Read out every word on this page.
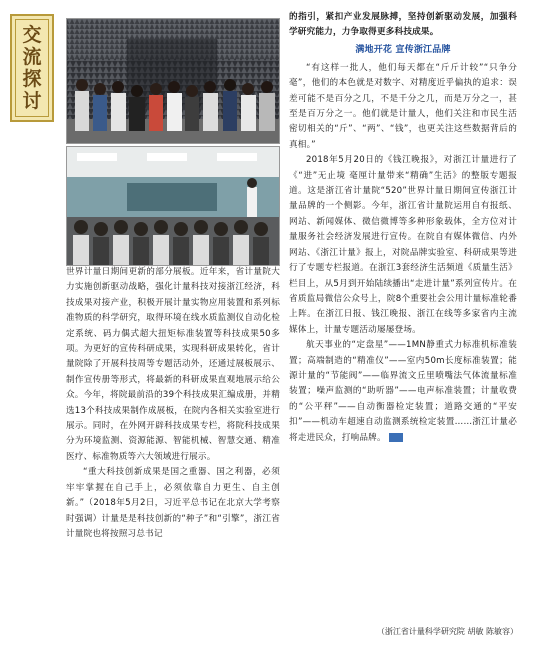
交
流
探
讨

世界计量日期间更新的部分展板。近年来，省计量院大力实施创新驱动战略，强化计量科技对接浙江经济，科技成果对接产业，积极开展计量实物应用装置和系列标准物质的科学研究，取得环境在线水质监测仪自动化检定系统、码力偶式超大扭矩标准装置等科技成果50多项。为更好的宣传科研成果，实现科研成果转化，省计量院除了开展科技周等专题活动外，还通过展板展示、制作宣传册等形式，将最新的科研成果直观地展示给公众。今年，将院最前沿的39个科技成果汇编成册，并精选13个科技成果制作成展板，在院内各相关实验室进行展示。同时，在外网开辟科技成果专栏，将院科技成果分为环境监测、资源能源、智能机械、智慧交通、精准医疗、标准物质等六大领域进行展示。

“重大科技创新成果是国之重器、国之利器，必须牢牢掌握在自己手上，必须依靠自力更生、自主创新。”（2018年5月2日，习近平总书记在北京大学考察时强调）计量是是科技创新的“种子”和“引擎”，浙江省计量院也将按照习总书记

的指引，紧扣产业发展脉搏，坚持创新驱动发展，加强科学研究能力，力争取得更多科技成果。

满地开花 宣传浙江品牌

“有这样一批人，他们每天都在“斤斤计较”“只争分毫”，他们的本色就是对数字、对精度近乎偏执的追求：误差可能不是百分之几，不是千分之几，而是万分之一，甚至是百万分之一。他们就是计量人，他们关注和市民生活密切相关的“斤”、“两”、“钱”，也更关注这些数据背后的真相。”

2018年5月20日的《钱江晚报》，对浙江计量进行了《“进”无止境 毫厘计量带来“精确”生活》的整版专题报道。这是浙江省计量院“520”世界计量日期间宣传浙江计量品牌的一个侧影。今年，浙江省计量院运用自有报纸、网站、新闻媒体、微信微博等多种形象载体，全方位对计量服务社会经济发展进行宣传。在院自有媒体微信、内外网站、《浙江计量》报上，对院品牌实验室、科研成果等进行了专题专栏报道。在浙江3套经济生活频道《质量生活》栏目上，从5月到开始陆续播出“走进计量”系列宣传片。在省质监局微信公众号上，院8个重要社会公用计量标准轮番上阵。在浙江日报、钱江晚报、浙江在线等多家省内主流媒体上，计量专题活动屡屡登场。

航天事业的“定盘星”——1MN静重式力标准机标准装置；高端制造的“精准仪”——室内50m长度标准装置；能源计量的“节能阀”——临界流文丘里喷嘴法气体流量标准装置；噪声监测的“助听器”——电声标准装置；计量收费的“公平秤”——自动衡器检定装置；道路交通的“平安扣”——机动车超速自动监测系统检定装置……浙江计量必将走进民众，打响品牌。

（浙江省计量科学研究院 胡敏 陈敏容）
